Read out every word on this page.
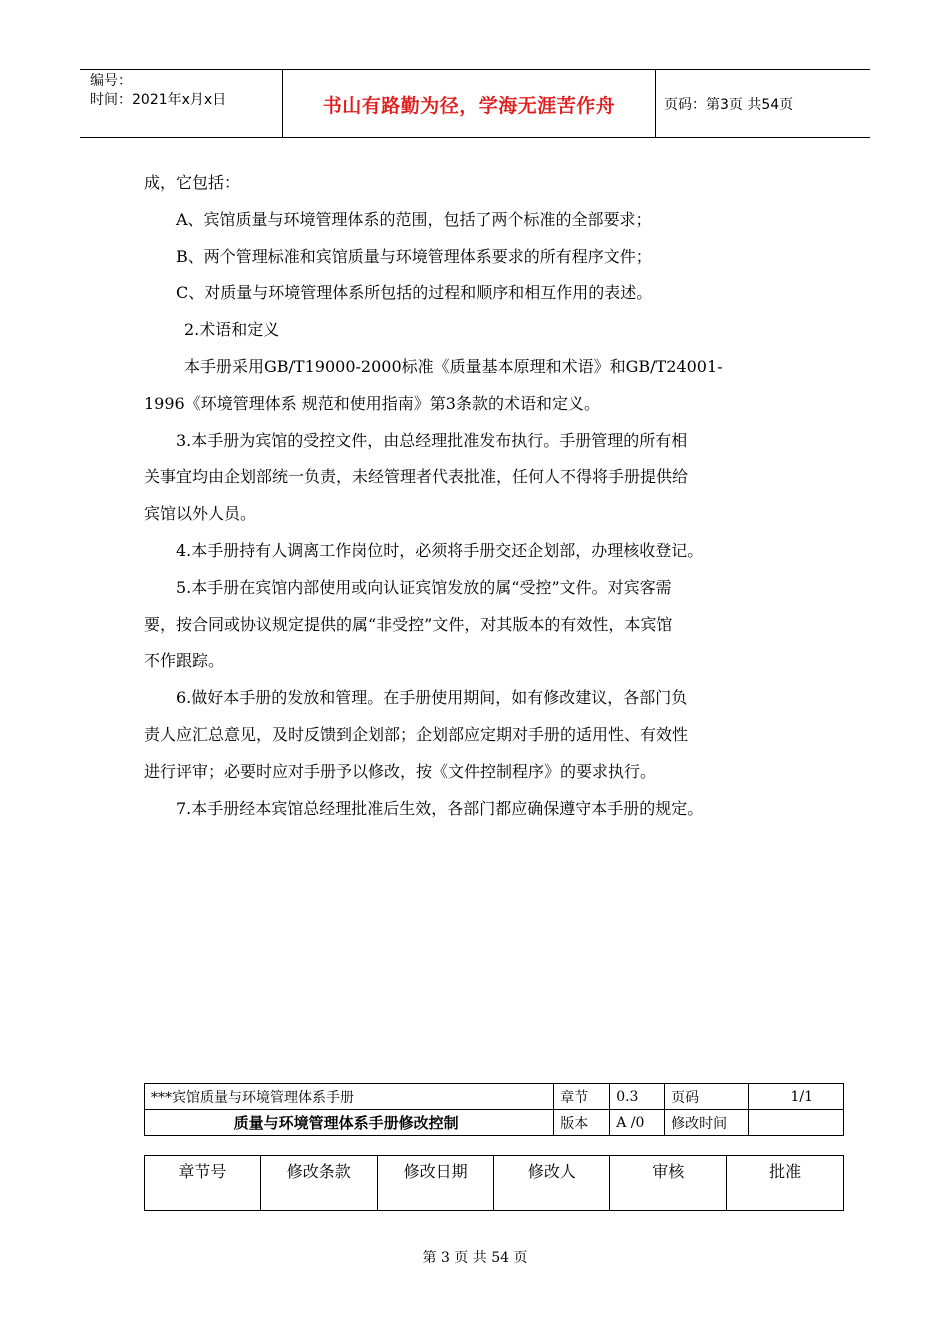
编号：
时间：2021年x月x日	书山有路勤为径，学海无涯苦作舟	页码：第3页 共54页

成，它包括：

A、宾馆质量与环境管理体系的范围，包括了两个标准的全部要求；

B、两个管理标准和宾馆质量与环境管理体系要求的所有程序文件；

C、对质量与环境管理体系所包括的过程和顺序和相互作用的表述。

2.术语和定义

本手册采用GB/T19000-2000标准《质量基本原理和术语》和GB/T24001-

1996《环境管理体系 规范和使用指南》第3条款的术语和定义。

3.本手册为宾馆的受控文件，由总经理批准发布执行。手册管理的所有相

关事宜均由企划部统一负责，未经管理者代表批准，任何人不得将手册提供给

宾馆以外人员。

4.本手册持有人调离工作岗位时，必须将手册交还企划部，办理核收登记。

5.本手册在宾馆内部使用或向认证宾馆发放的属“受控”文件。对宾客需

要，按合同或协议规定提供的属“非受控”文件，对其版本的有效性，本宾馆

不作跟踪。

6.做好本手册的发放和管理。在手册使用期间，如有修改建议，各部门负

责人应汇总意见，及时反馈到企划部；企划部应定期对手册的适用性、有效性

进行评审；必要时应对手册予以修改，按《文件控制程序》的要求执行。

7.本手册经本宾馆总经理批准后生效，各部门都应确保遵守本手册的规定。

***宾馆质量与环境管理体系手册	章节	0.3	页码	1/1
质量与环境管理体系手册修改控制	版本	A /0	修改时间	
章节号	修改条款	修改日期	修改人	审核	批准
第 3 页 共 54 页
